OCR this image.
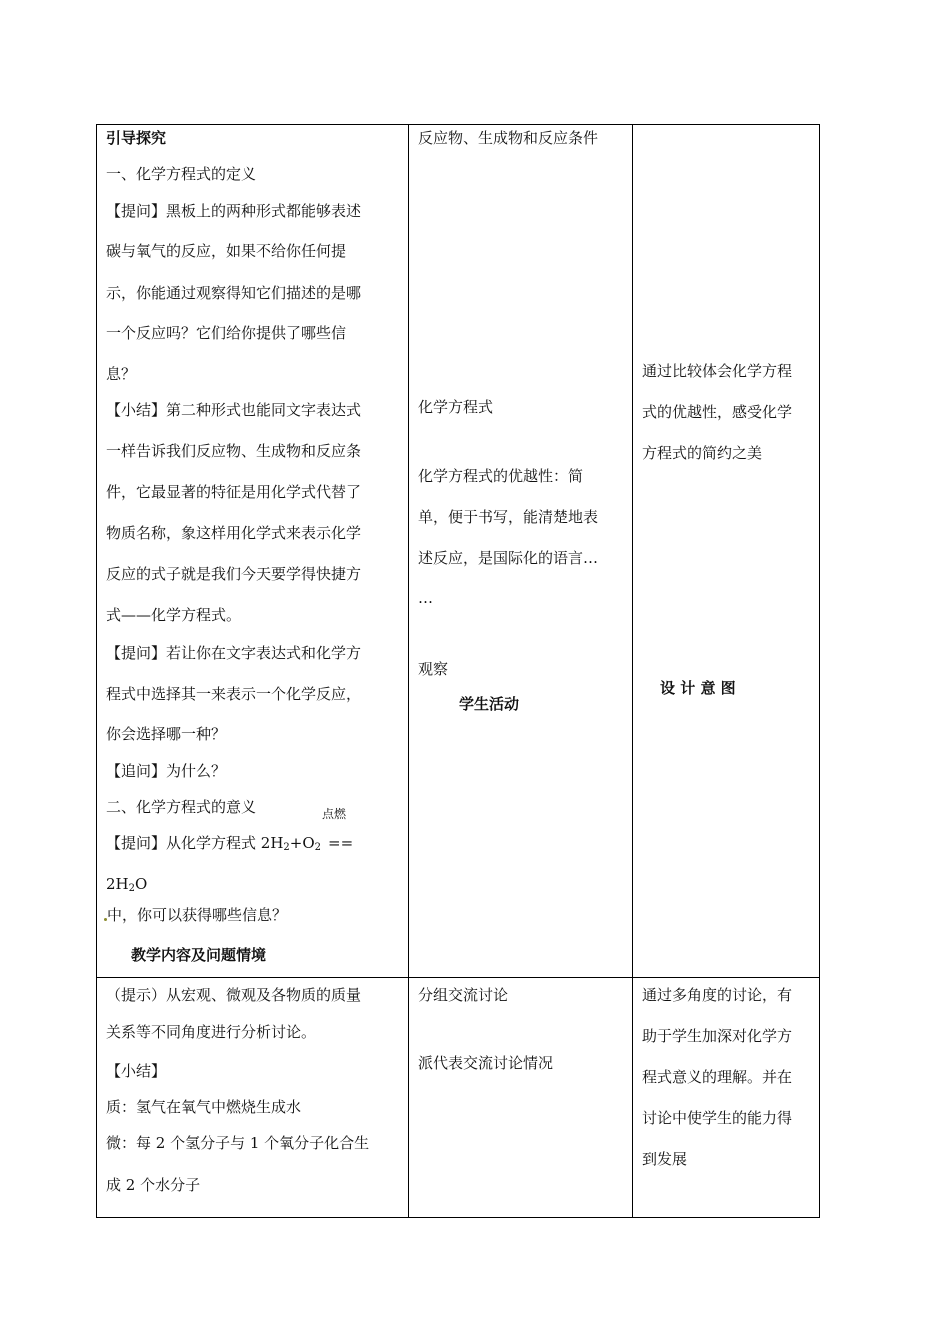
引导探究
一、化学方程式的定义
【提问】黑板上的两种形式都能够表述
碳与氧气的反应，如果不给你任何提
示，你能通过观察得知它们描述的是哪
一个反应吗？它们给你提供了哪些信
息？
【小结】第二种形式也能同文字表达式
一样告诉我们反应物、生成物和反应条
件，它最显著的特征是用化学式代替了
物质名称，象这样用化学式来表示化学
反应的式子就是我们今天要学得快捷方
式——化学方程式。
【提问】若让你在文字表达式和化学方
程式中选择其一来表示一个化学反应，
你会选择哪一种？
【追问】为什么？
二、化学方程式的意义	点燃
【提问】从化学方程式 $2H_2+O_2$ ==
$2H_2O$
中，你可以获得哪些信息？
教学内容及问题情境
反应物、生成物和反应条件
化学方程式
化学方程式的优越性：简
单，便于书写，能清楚地表
述反应，是国际化的语言…
…
观察
学生活动
通过比较体会化学方程
式的优越性，感受化学
方程式的简约之美
设 计 意 图
（提示）从宏观、微观及各物质的质量
关系等不同角度进行分析讨论。
【小结】
质：氢气在氧气中燃烧生成水
微：每 2 个氢分子与 1 个氧分子化合生
成 2 个水分子
分组交流讨论
派代表交流讨论情况
通过多角度的讨论，有
助于学生加深对化学方
程式意义的理解。并在
讨论中使学生的能力得
到发展
